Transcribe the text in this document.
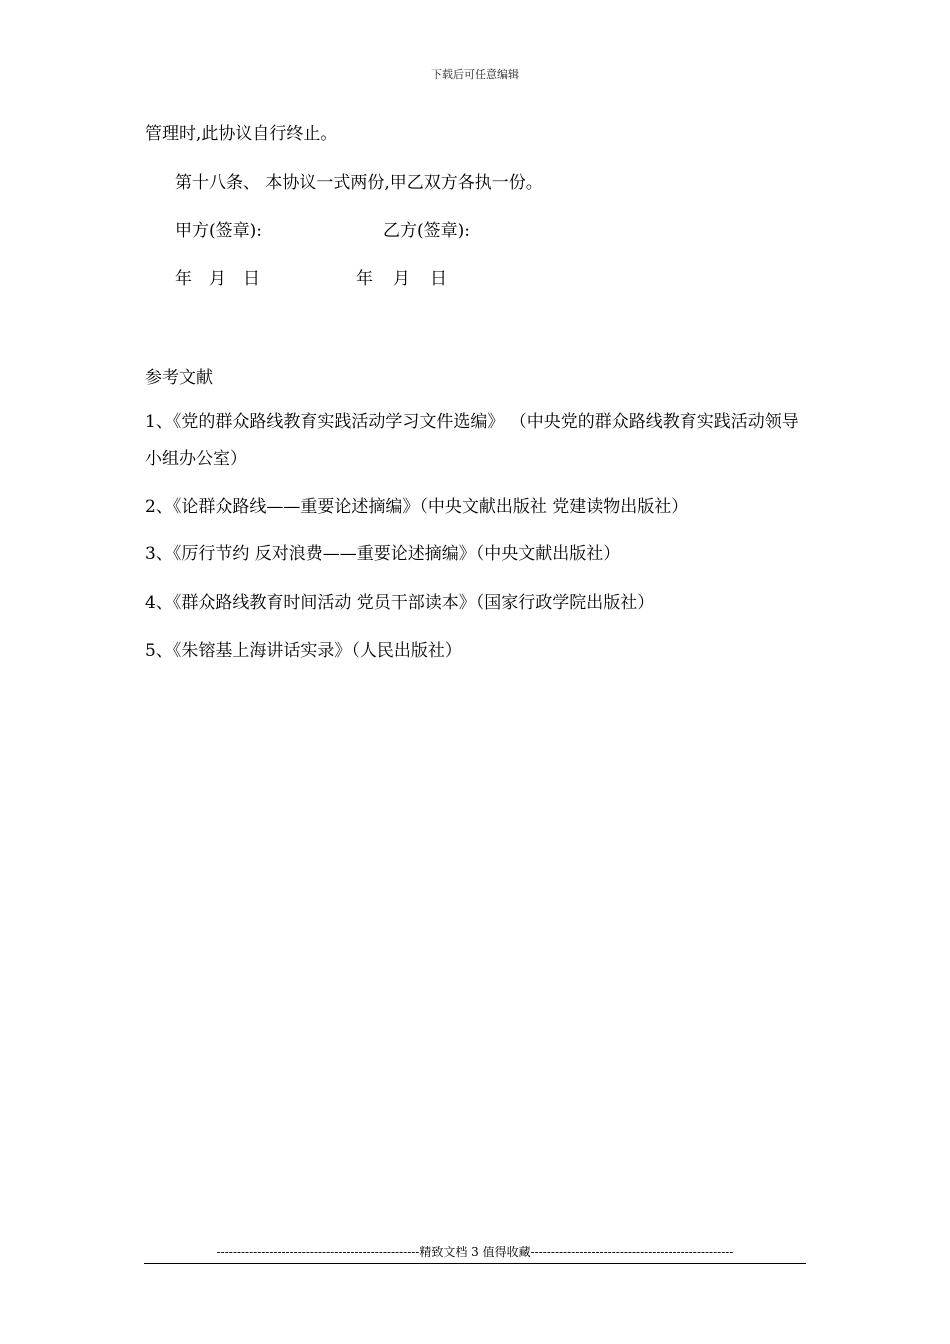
下载后可任意编辑
管理时,此协议自行终止。
第十八条、 本协议一式两份,甲乙双方各执一份。
甲方(签章):	乙方(签章):
年 月 日	年 月 日
参考文献
1、《党的群众路线教育实践活动学习文件选编》 （中央党的群众路线教育实践活动领导小组办公室）
2、《论群众路线——重要论述摘编》（中央文献出版社 党建读物出版社）
3、《厉行节约 反对浪费——重要论述摘编》（中央文献出版社）
4、《群众路线教育时间活动 党员干部读本》（国家行政学院出版社）
5、《朱镕基上海讲话实录》（人民出版社）
--------------------------------------------------精致文档 3 值得收藏--------------------------------------------------
